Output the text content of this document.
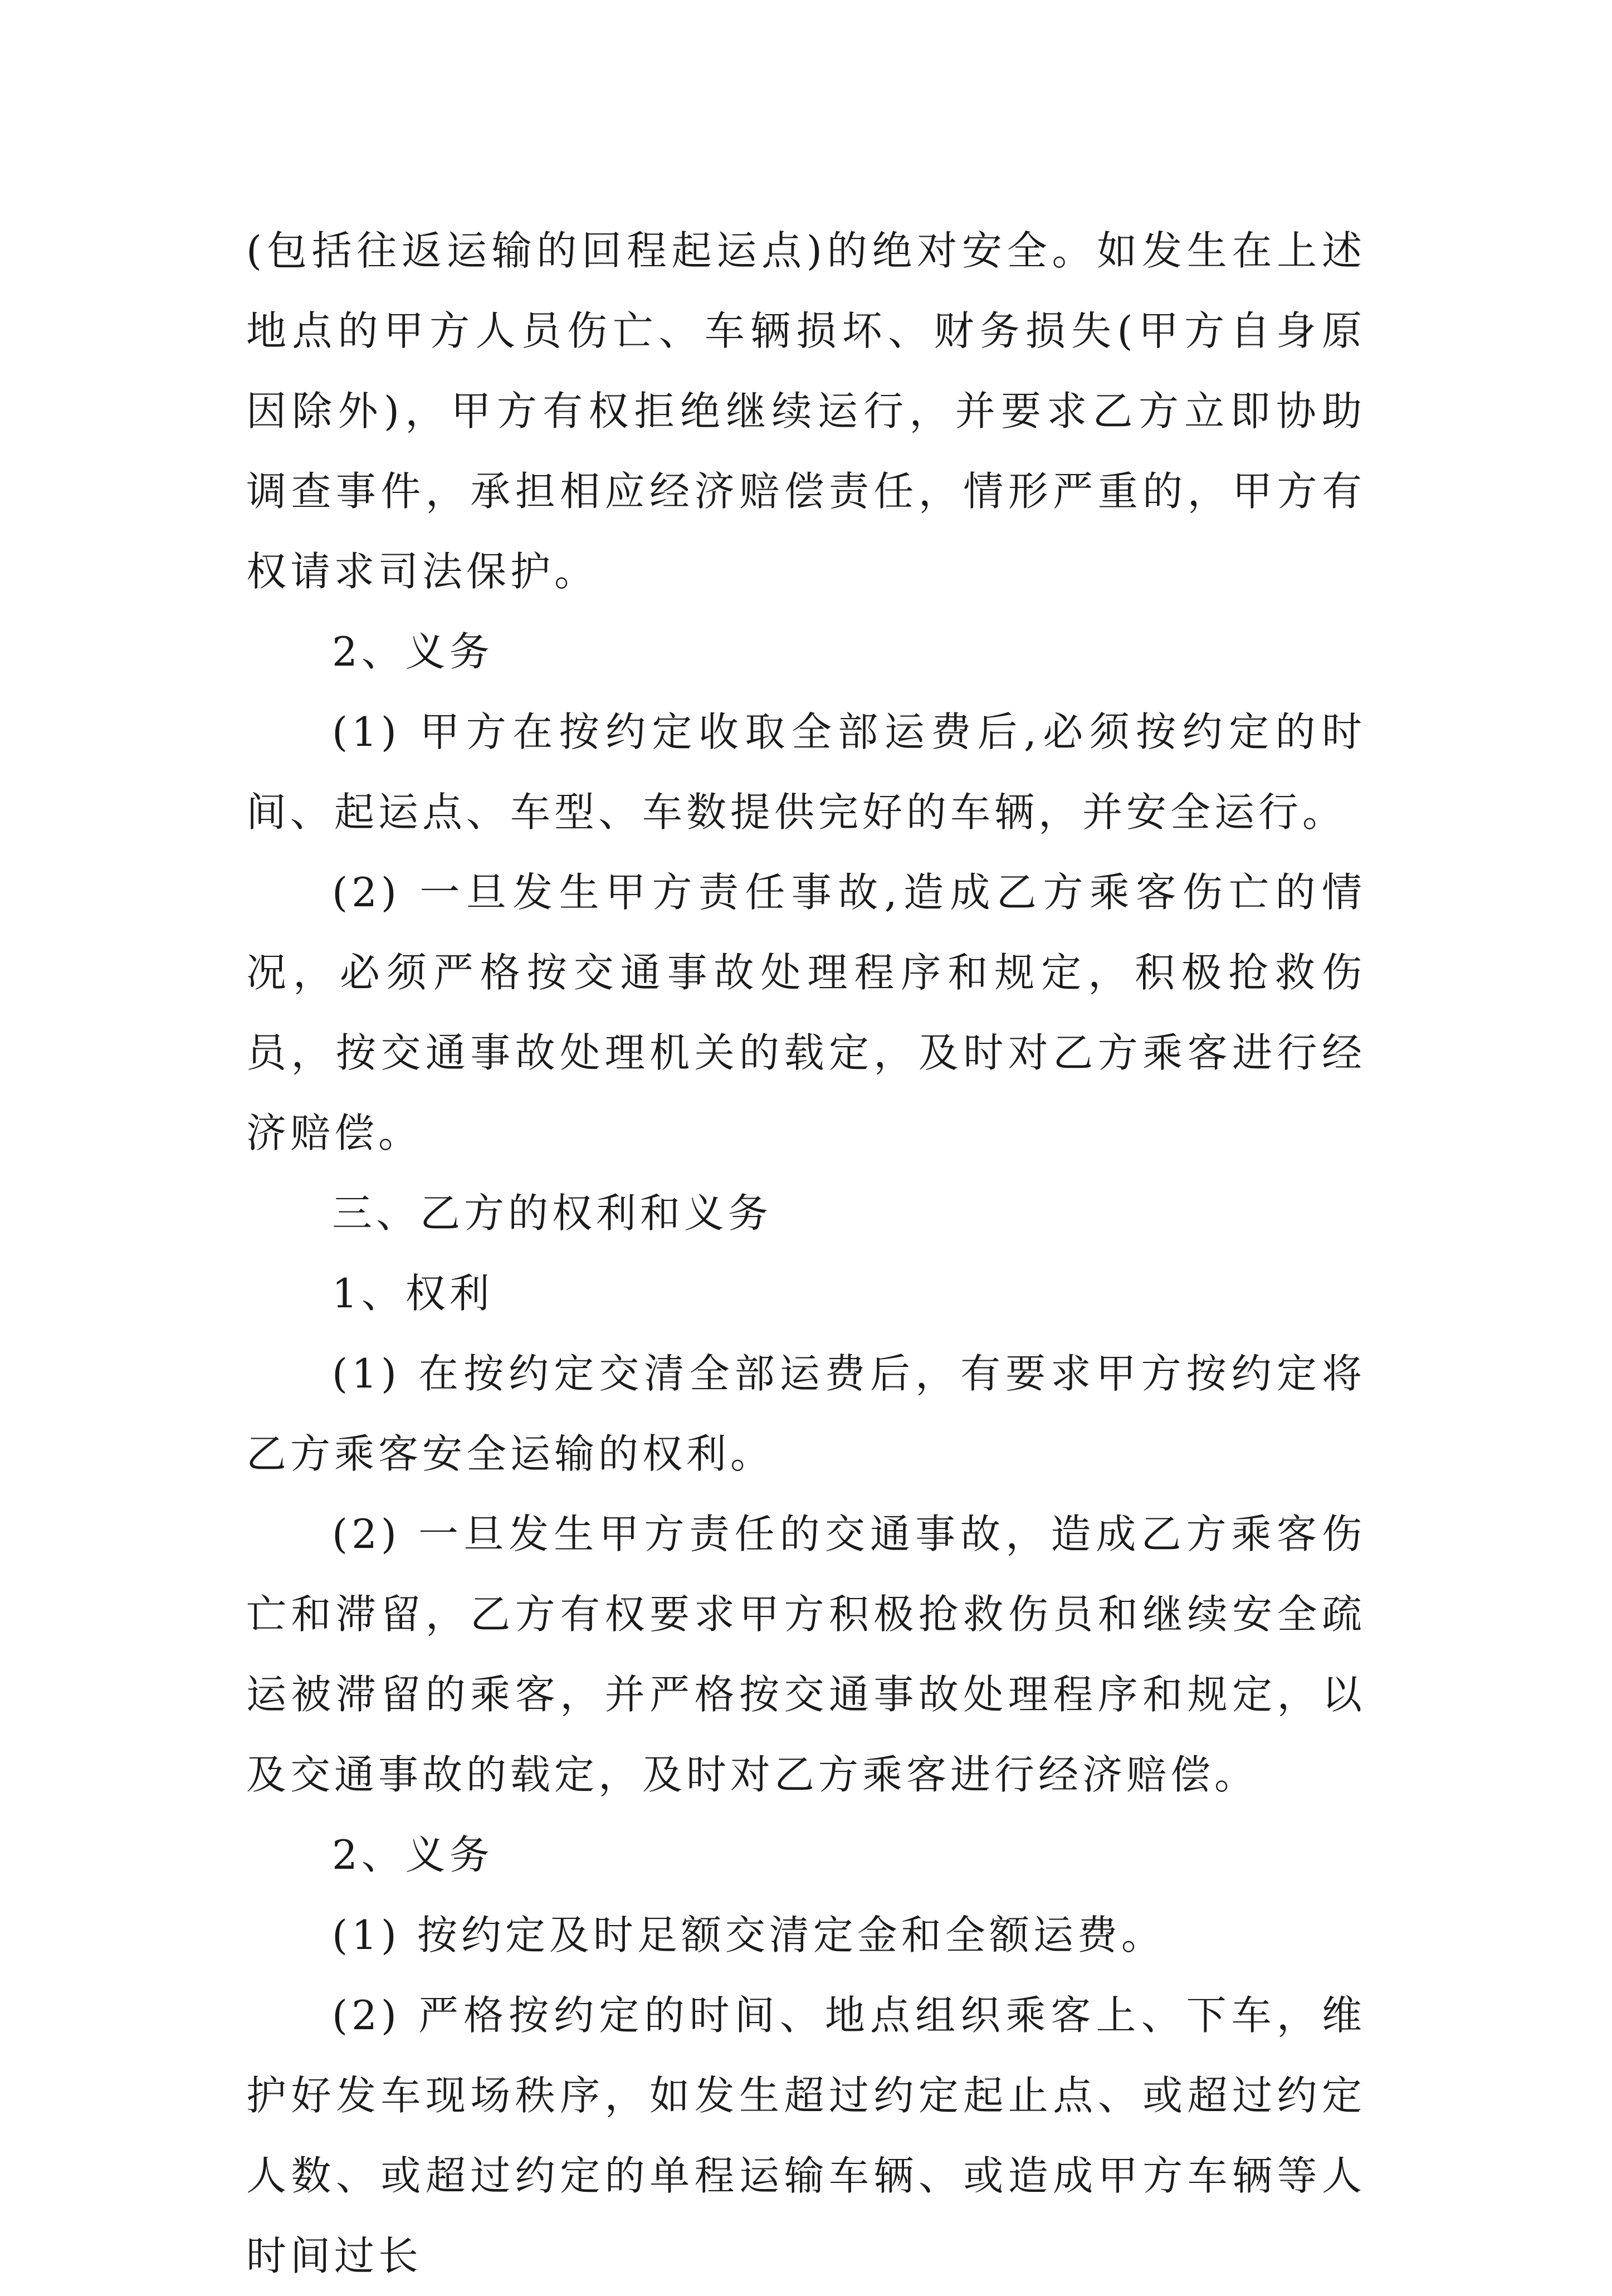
(包括往返运输的回程起运点)的绝对安全。如发生在上述地点的甲方人员伤亡、车辆损坏、财务损失(甲方自身原因除外)，甲方有权拒绝继续运行，并要求乙方立即协助调查事件，承担相应经济赔偿责任，情形严重的，甲方有权请求司法保护。

2、义务

(1) 甲方在按约定收取全部运费后,必须按约定的时间、起运点、车型、车数提供完好的车辆，并安全运行。

(2) 一旦发生甲方责任事故,造成乙方乘客伤亡的情况，必须严格按交通事故处理程序和规定，积极抢救伤员，按交通事故处理机关的载定，及时对乙方乘客进行经济赔偿。

三、乙方的权利和义务

1、权利

(1) 在按约定交清全部运费后，有要求甲方按约定将乙方乘客安全运输的权利。

(2) 一旦发生甲方责任的交通事故，造成乙方乘客伤亡和滞留，乙方有权要求甲方积极抢救伤员和继续安全疏运被滞留的乘客，并严格按交通事故处理程序和规定，以及交通事故的载定，及时对乙方乘客进行经济赔偿。

2、义务

(1) 按约定及时足额交清定金和全额运费。

(2) 严格按约定的时间、地点组织乘客上、下车，维护好发车现场秩序，如发生超过约定起止点、或超过约定人数、或超过约定的单程运输车辆、或造成甲方车辆等人时间过长
